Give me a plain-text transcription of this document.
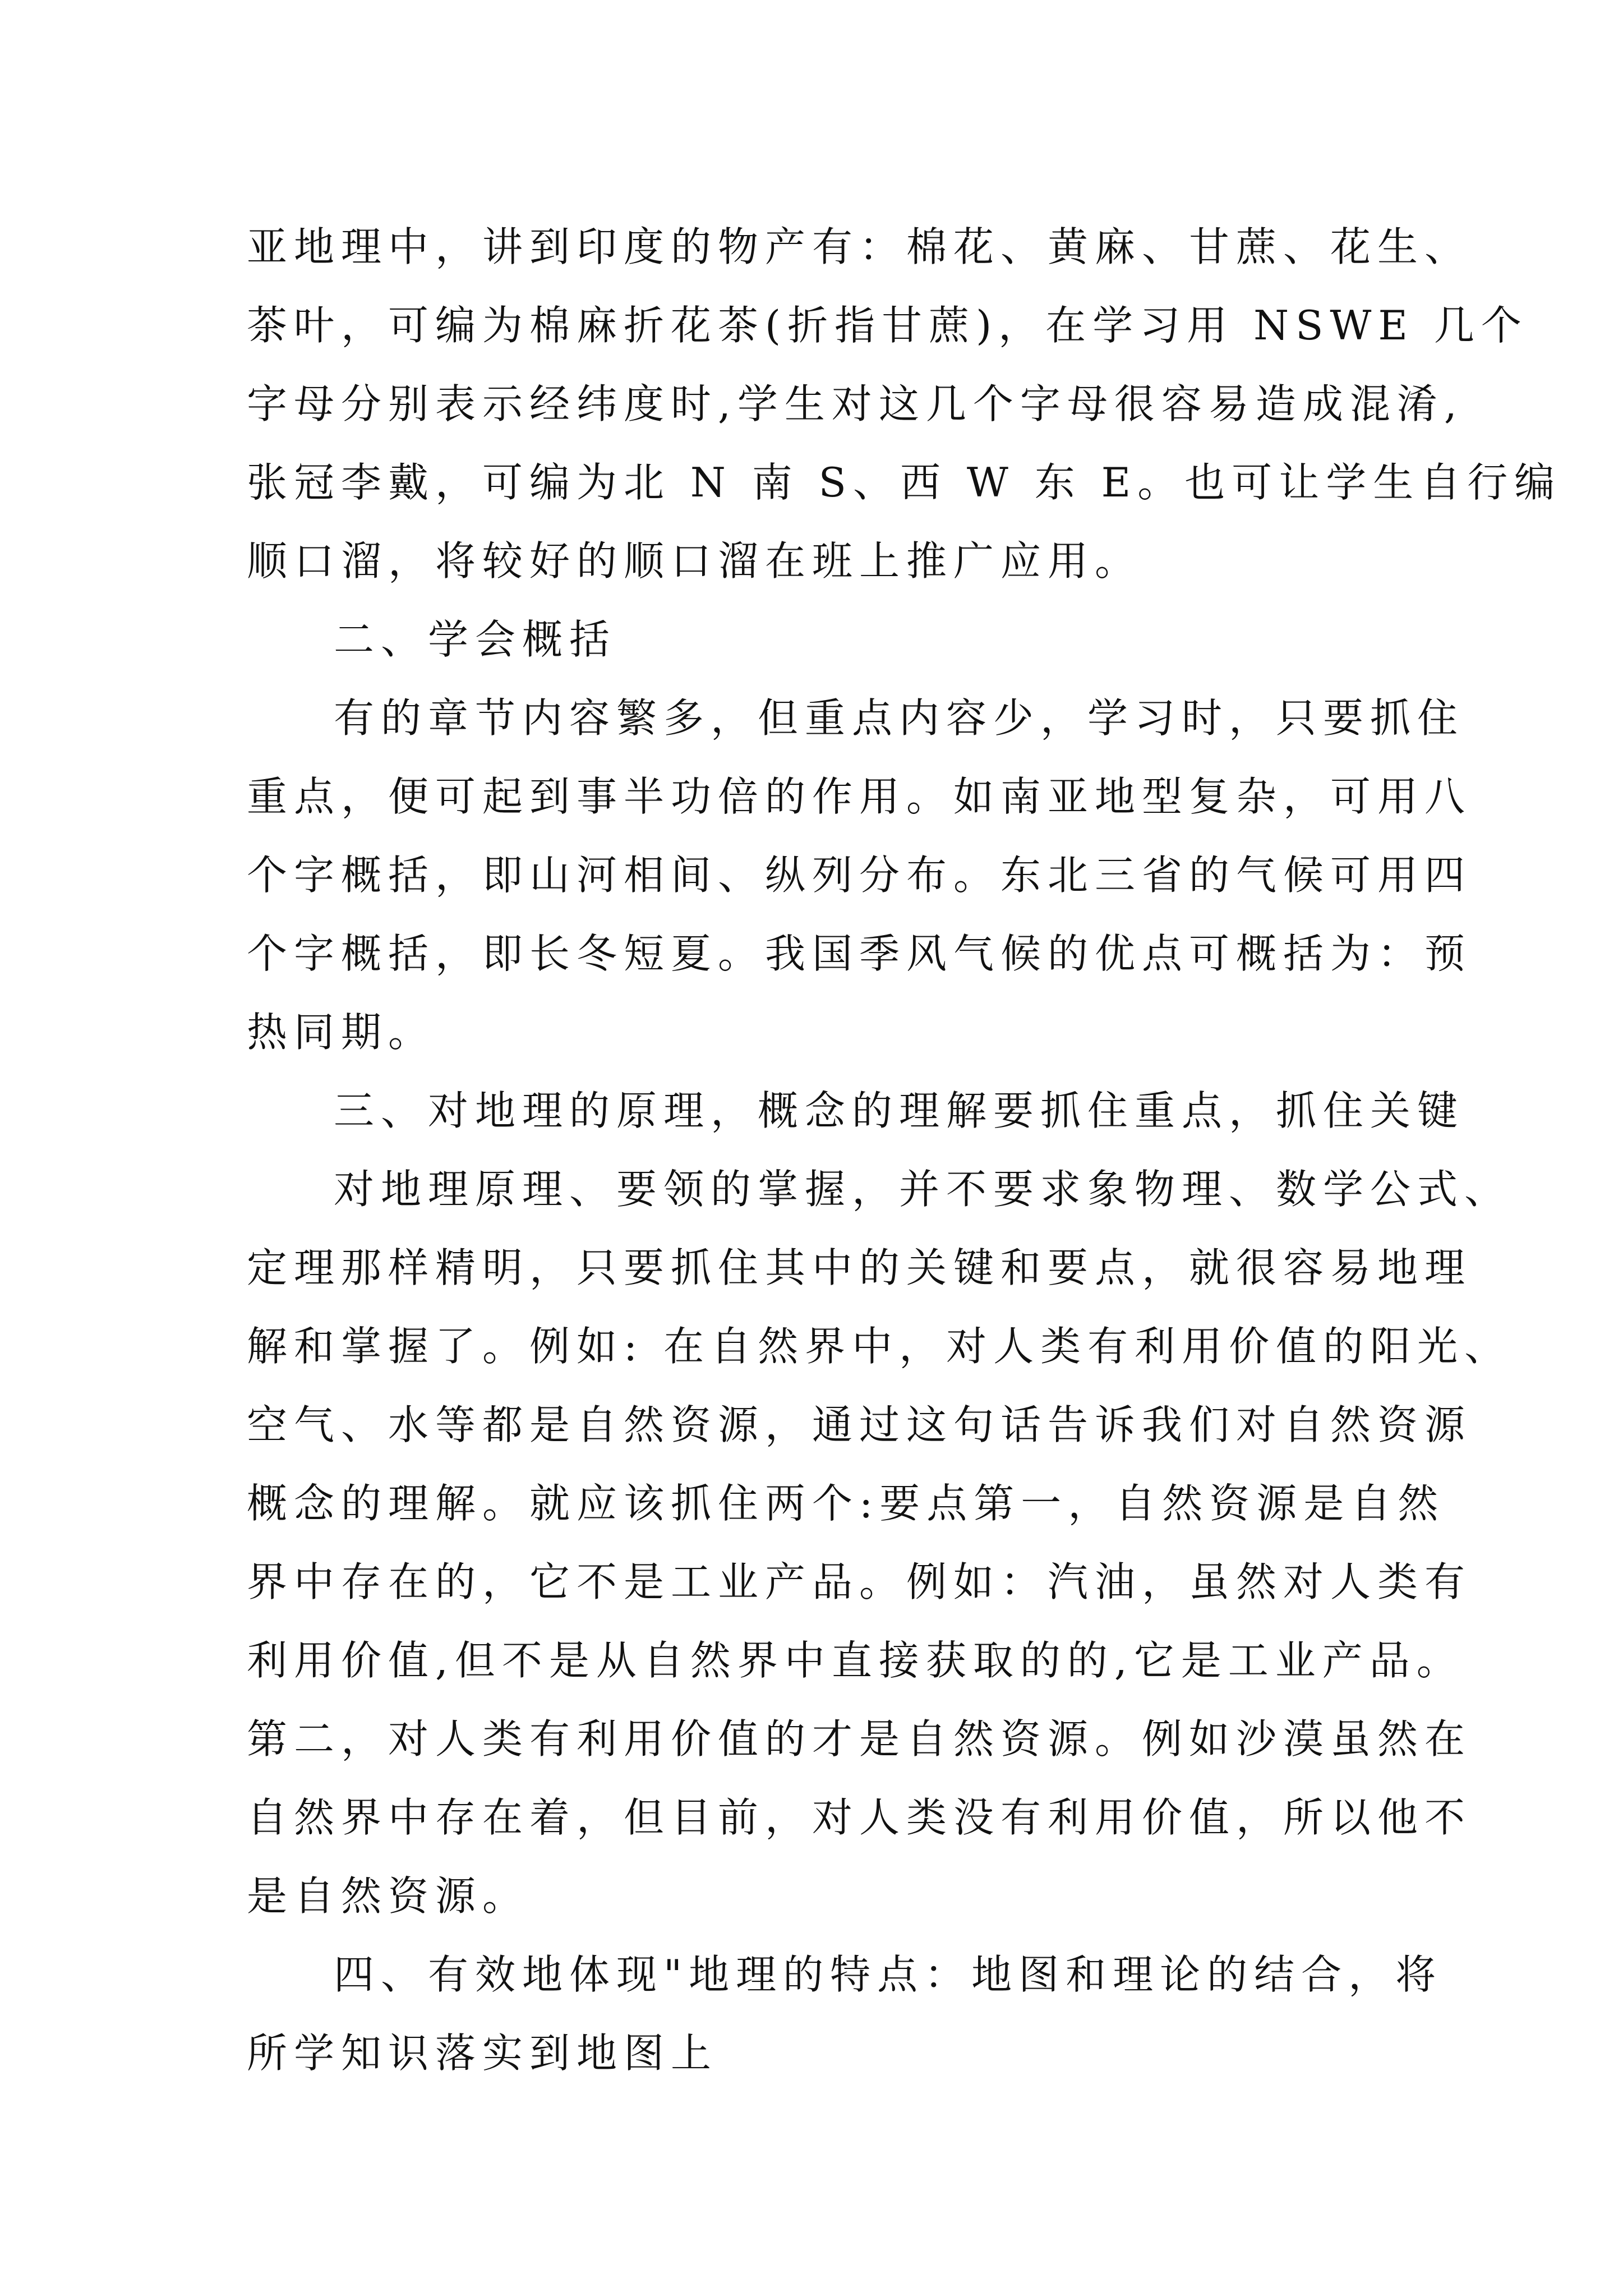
亚地理中，讲到印度的物产有：棉花、黄麻、甘蔗、花生、
茶叶，可编为棉麻折花茶(折指甘蔗)，在学习用 NSWE 几个
字母分别表示经纬度时,学生对这几个字母很容易造成混淆,
张冠李戴，可编为北 N 南 S、西 W 东 E。也可让学生自行编
顺口溜，将较好的顺口溜在班上推广应用。
二、学会概括
有的章节内容繁多，但重点内容少，学习时，只要抓住
重点，便可起到事半功倍的作用。如南亚地型复杂，可用八
个字概括，即山河相间、纵列分布。东北三省的气候可用四
个字概括，即长冬短夏。我国季风气候的优点可概括为：预
热同期。
三、对地理的原理，概念的理解要抓住重点，抓住关键
对地理原理、要领的掌握，并不要求象物理、数学公式、
定理那样精明，只要抓住其中的关键和要点，就很容易地理
解和掌握了。例如: 在自然界中，对人类有利用价值的阳光、
空气、水等都是自然资源，通过这句话告诉我们对自然资源
概念的理解。就应该抓住两个:要点第一，自然资源是自然
界中存在的，它不是工业产品。例如：汽油，虽然对人类有
利用价值,但不是从自然界中直接获取的的,它是工业产品。
第二，对人类有利用价值的才是自然资源。例如沙漠虽然在
自然界中存在着，但目前，对人类没有利用价值，所以他不
是自然资源。
四、有效地体现"地理的特点：地图和理论的结合，将
所学知识落实到地图上
